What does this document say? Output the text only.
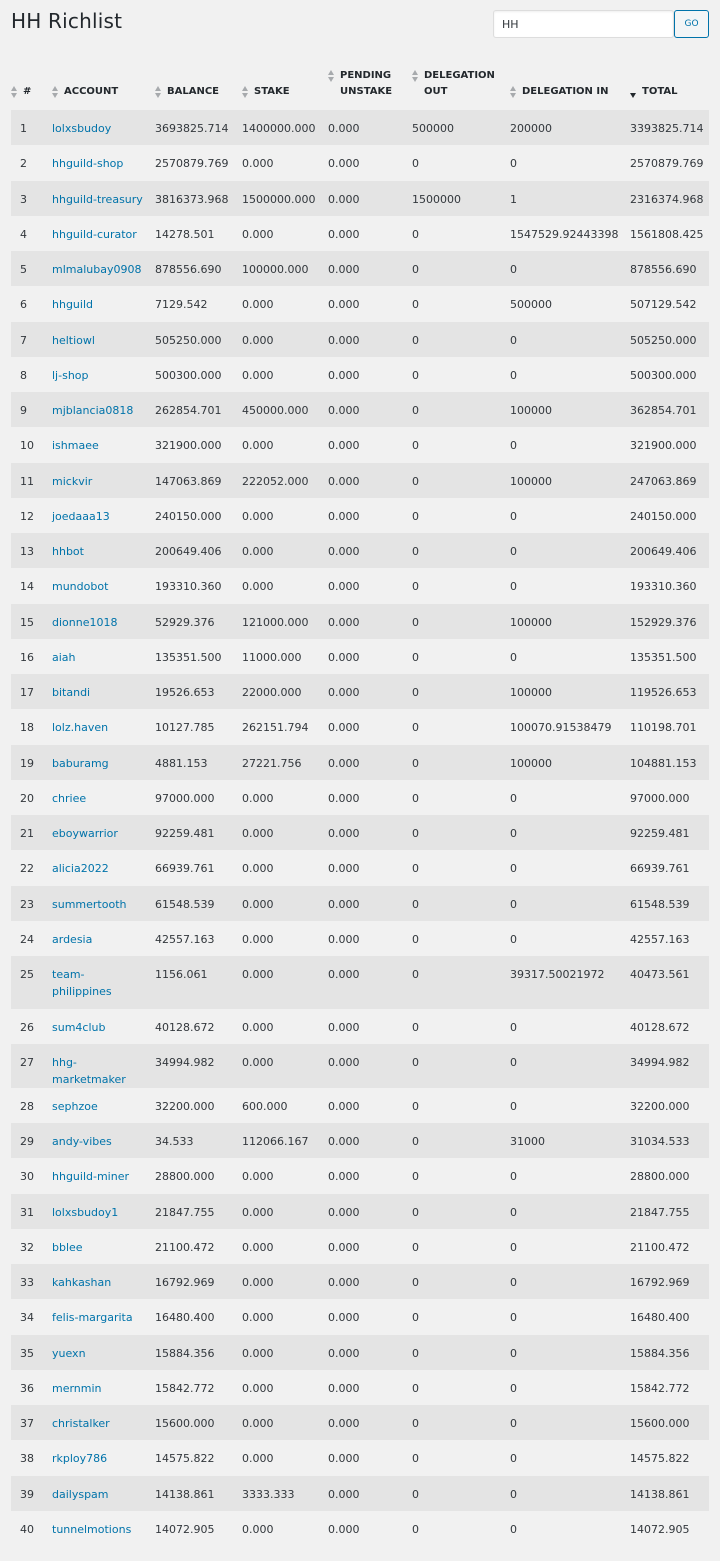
HH Richlist
HH	GO
#	ACCOUNT	BALANCE	STAKE	PENDING UNSTAKE	DELEGATION OUT	DELEGATION IN	TOTAL
1	lolxsbudoy	3693825.714	1400000.000	0.000	500000	200000	3393825.714
2	hhguild-shop	2570879.769	0.000	0.000	0	0	2570879.769
3	hhguild-treasury	3816373.968	1500000.000	0.000	1500000	1	2316374.968
4	hhguild-curator	14278.501	0.000	0.000	0	1547529.92443398	1561808.425
5	mlmalubay0908	878556.690	100000.000	0.000	0	0	878556.690
6	hhguild	7129.542	0.000	0.000	0	500000	507129.542
7	heltiowl	505250.000	0.000	0.000	0	0	505250.000
8	lj-shop	500300.000	0.000	0.000	0	0	500300.000
9	mjblancia0818	262854.701	450000.000	0.000	0	100000	362854.701
10	ishmaee	321900.000	0.000	0.000	0	0	321900.000
11	mickvir	147063.869	222052.000	0.000	0	100000	247063.869
12	joedaaa13	240150.000	0.000	0.000	0	0	240150.000
13	hhbot	200649.406	0.000	0.000	0	0	200649.406
14	mundobot	193310.360	0.000	0.000	0	0	193310.360
15	dionne1018	52929.376	121000.000	0.000	0	100000	152929.376
16	aiah	135351.500	11000.000	0.000	0	0	135351.500
17	bitandi	19526.653	22000.000	0.000	0	100000	119526.653
18	lolz.haven	10127.785	262151.794	0.000	0	100070.91538479	110198.701
19	baburamg	4881.153	27221.756	0.000	0	100000	104881.153
20	chriee	97000.000	0.000	0.000	0	0	97000.000
21	eboywarrior	92259.481	0.000	0.000	0	0	92259.481
22	alicia2022	66939.761	0.000	0.000	0	0	66939.761
23	summertooth	61548.539	0.000	0.000	0	0	61548.539
24	ardesia	42557.163	0.000	0.000	0	0	42557.163
25	team-philippines	1156.061	0.000	0.000	0	39317.50021972	40473.561
26	sum4club	40128.672	0.000	0.000	0	0	40128.672
27	hhg-marketmaker	34994.982	0.000	0.000	0	0	34994.982
28	sephzoe	32200.000	600.000	0.000	0	0	32200.000
29	andy-vibes	34.533	112066.167	0.000	0	31000	31034.533
30	hhguild-miner	28800.000	0.000	0.000	0	0	28800.000
31	lolxsbudoy1	21847.755	0.000	0.000	0	0	21847.755
32	bblee	21100.472	0.000	0.000	0	0	21100.472
33	kahkashan	16792.969	0.000	0.000	0	0	16792.969
34	felis-margarita	16480.400	0.000	0.000	0	0	16480.400
35	yuexn	15884.356	0.000	0.000	0	0	15884.356
36	mernmin	15842.772	0.000	0.000	0	0	15842.772
37	christalker	15600.000	0.000	0.000	0	0	15600.000
38	rkploy786	14575.822	0.000	0.000	0	0	14575.822
39	dailyspam	14138.861	3333.333	0.000	0	0	14138.861
40	tunnelmotions	14072.905	0.000	0.000	0	0	14072.905
